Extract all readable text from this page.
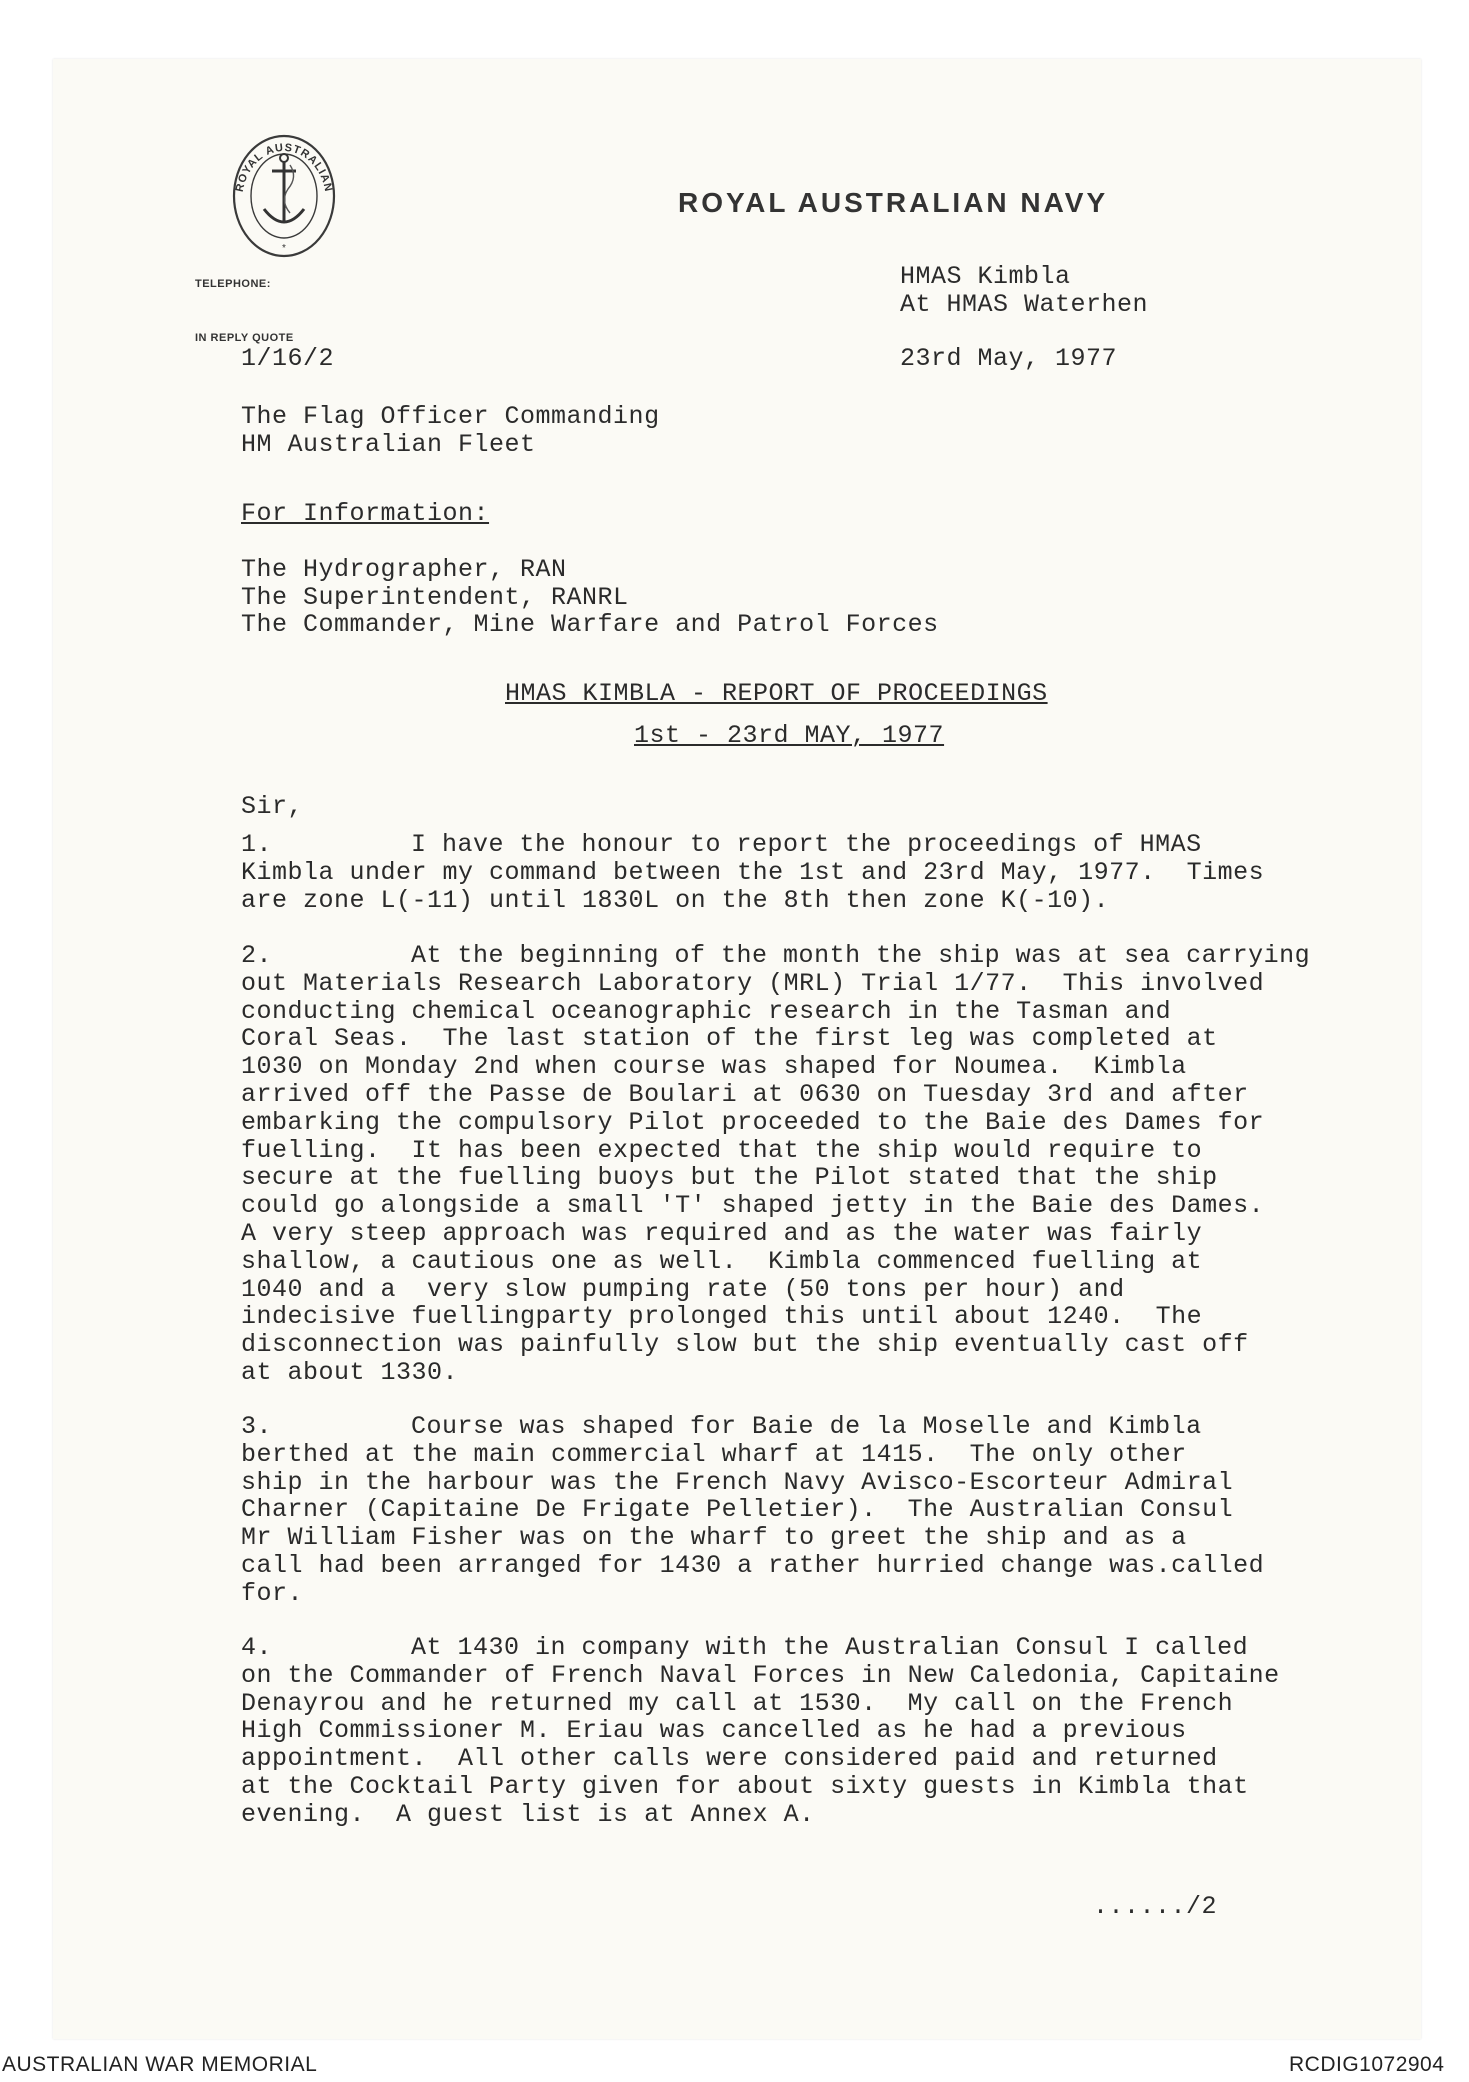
ROYAL AUSTRALIAN
*
ROYAL AUSTRALIAN NAVY
TELEPHONE:
IN REPLY QUOTE
1/16/2
HMAS Kimbla
At HMAS Waterhen
23rd May, 1977
The Flag Officer Commanding
HM Australian Fleet
For Information:
The Hydrographer, RAN
The Superintendent, RANRL
The Commander, Mine Warfare and Patrol Forces
HMAS KIMBLA - REPORT OF PROCEEDINGS
1st - 23rd MAY, 1977
Sir,
1.	I have the honour to report the proceedings of HMAS
Kimbla under my command between the 1st and 23rd May, 1977.  Times
are zone L(-11) until 1830L on the 8th then zone K(-10).
2.	At the beginning of the month the ship was at sea carrying
out Materials Research Laboratory (MRL) Trial 1/77.  This involved
conducting chemical oceanographic research in the Tasman and
Coral Seas.  The last station of the first leg was completed at
1030 on Monday 2nd when course was shaped for Noumea.  Kimbla
arrived off the Passe de Boulari at 0630 on Tuesday 3rd and after
embarking the compulsory Pilot proceeded to the Baie des Dames for
fuelling.  It has been expected that the ship would require to
secure at the fuelling buoys but the Pilot stated that the ship
could go alongside a small 'T' shaped jetty in the Baie des Dames.
A very steep approach was required and as the water was fairly
shallow, a cautious one as well.  Kimbla commenced fuelling at
1040 and a  very slow pumping rate (50 tons per hour) and
indecisive fuellingparty prolonged this until about 1240.  The
disconnection was painfully slow but the ship eventually cast off
at about 1330.
3.	Course was shaped for Baie de la Moselle and Kimbla
berthed at the main commercial wharf at 1415.  The only other
ship in the harbour was the French Navy Avisco-Escorteur Admiral
Charner (Capitaine De Frigate Pelletier).  The Australian Consul
Mr William Fisher was on the wharf to greet the ship and as a
call had been arranged for 1430 a rather hurried change was.called
for.
4.	At 1430 in company with the Australian Consul I called
on the Commander of French Naval Forces in New Caledonia, Capitaine
Denayrou and he returned my call at 1530.  My call on the French
High Commissioner M. Eriau was cancelled as he had a previous
appointment.  All other calls were considered paid and returned
at the Cocktail Party given for about sixty guests in Kimbla that
evening.  A guest list is at Annex A.
....../2
AUSTRALIAN WAR MEMORIAL	RCDIG1072904
